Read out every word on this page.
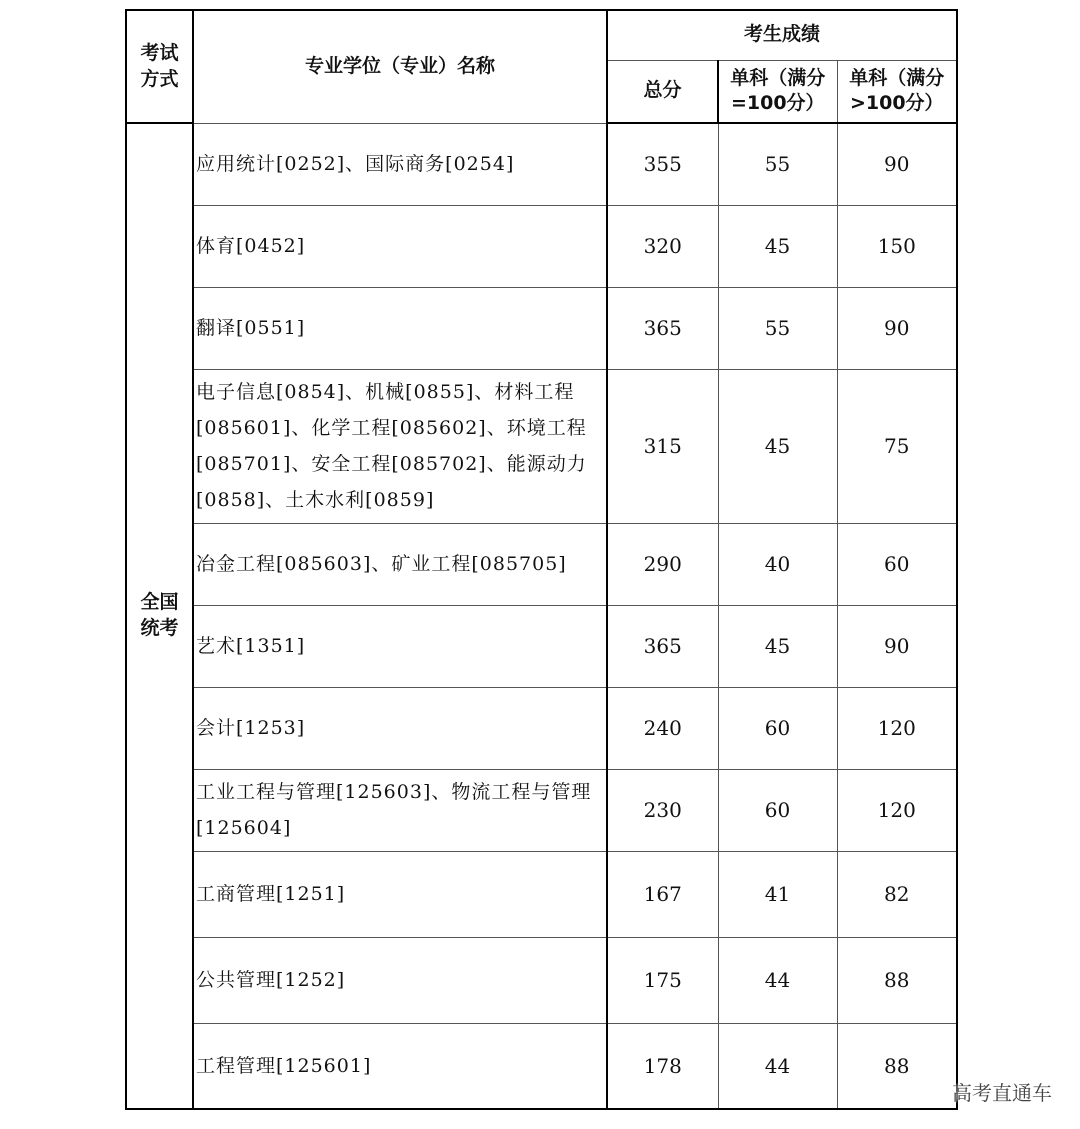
考试方式	专业学位（专业）名称	考生成绩		
		总分	单科（满分=100分）	单科（满分>100分）
全国统考	应用统计[0252]、国际商务[0254]	355	55	90
	体育[0452]	320	45	150
	翻译[0551]	365	55	90
	电子信息[0854]、机械[0855]、材料工程[085601]、化学工程[085602]、环境工程[085701]、安全工程[085702]、能源动力[0858]、土木水利[0859]	315	45	75
	冶金工程[085603]、矿业工程[085705]	290	40	60
	艺术[1351]	365	45	90
	会计[1253]	240	60	120
	工业工程与管理[125603]、物流工程与管理[125604]	230	60	120
	工商管理[1251]	167	41	82
	公共管理[1252]	175	44	88
	工程管理[125601]	178	44	88
高考直通车
